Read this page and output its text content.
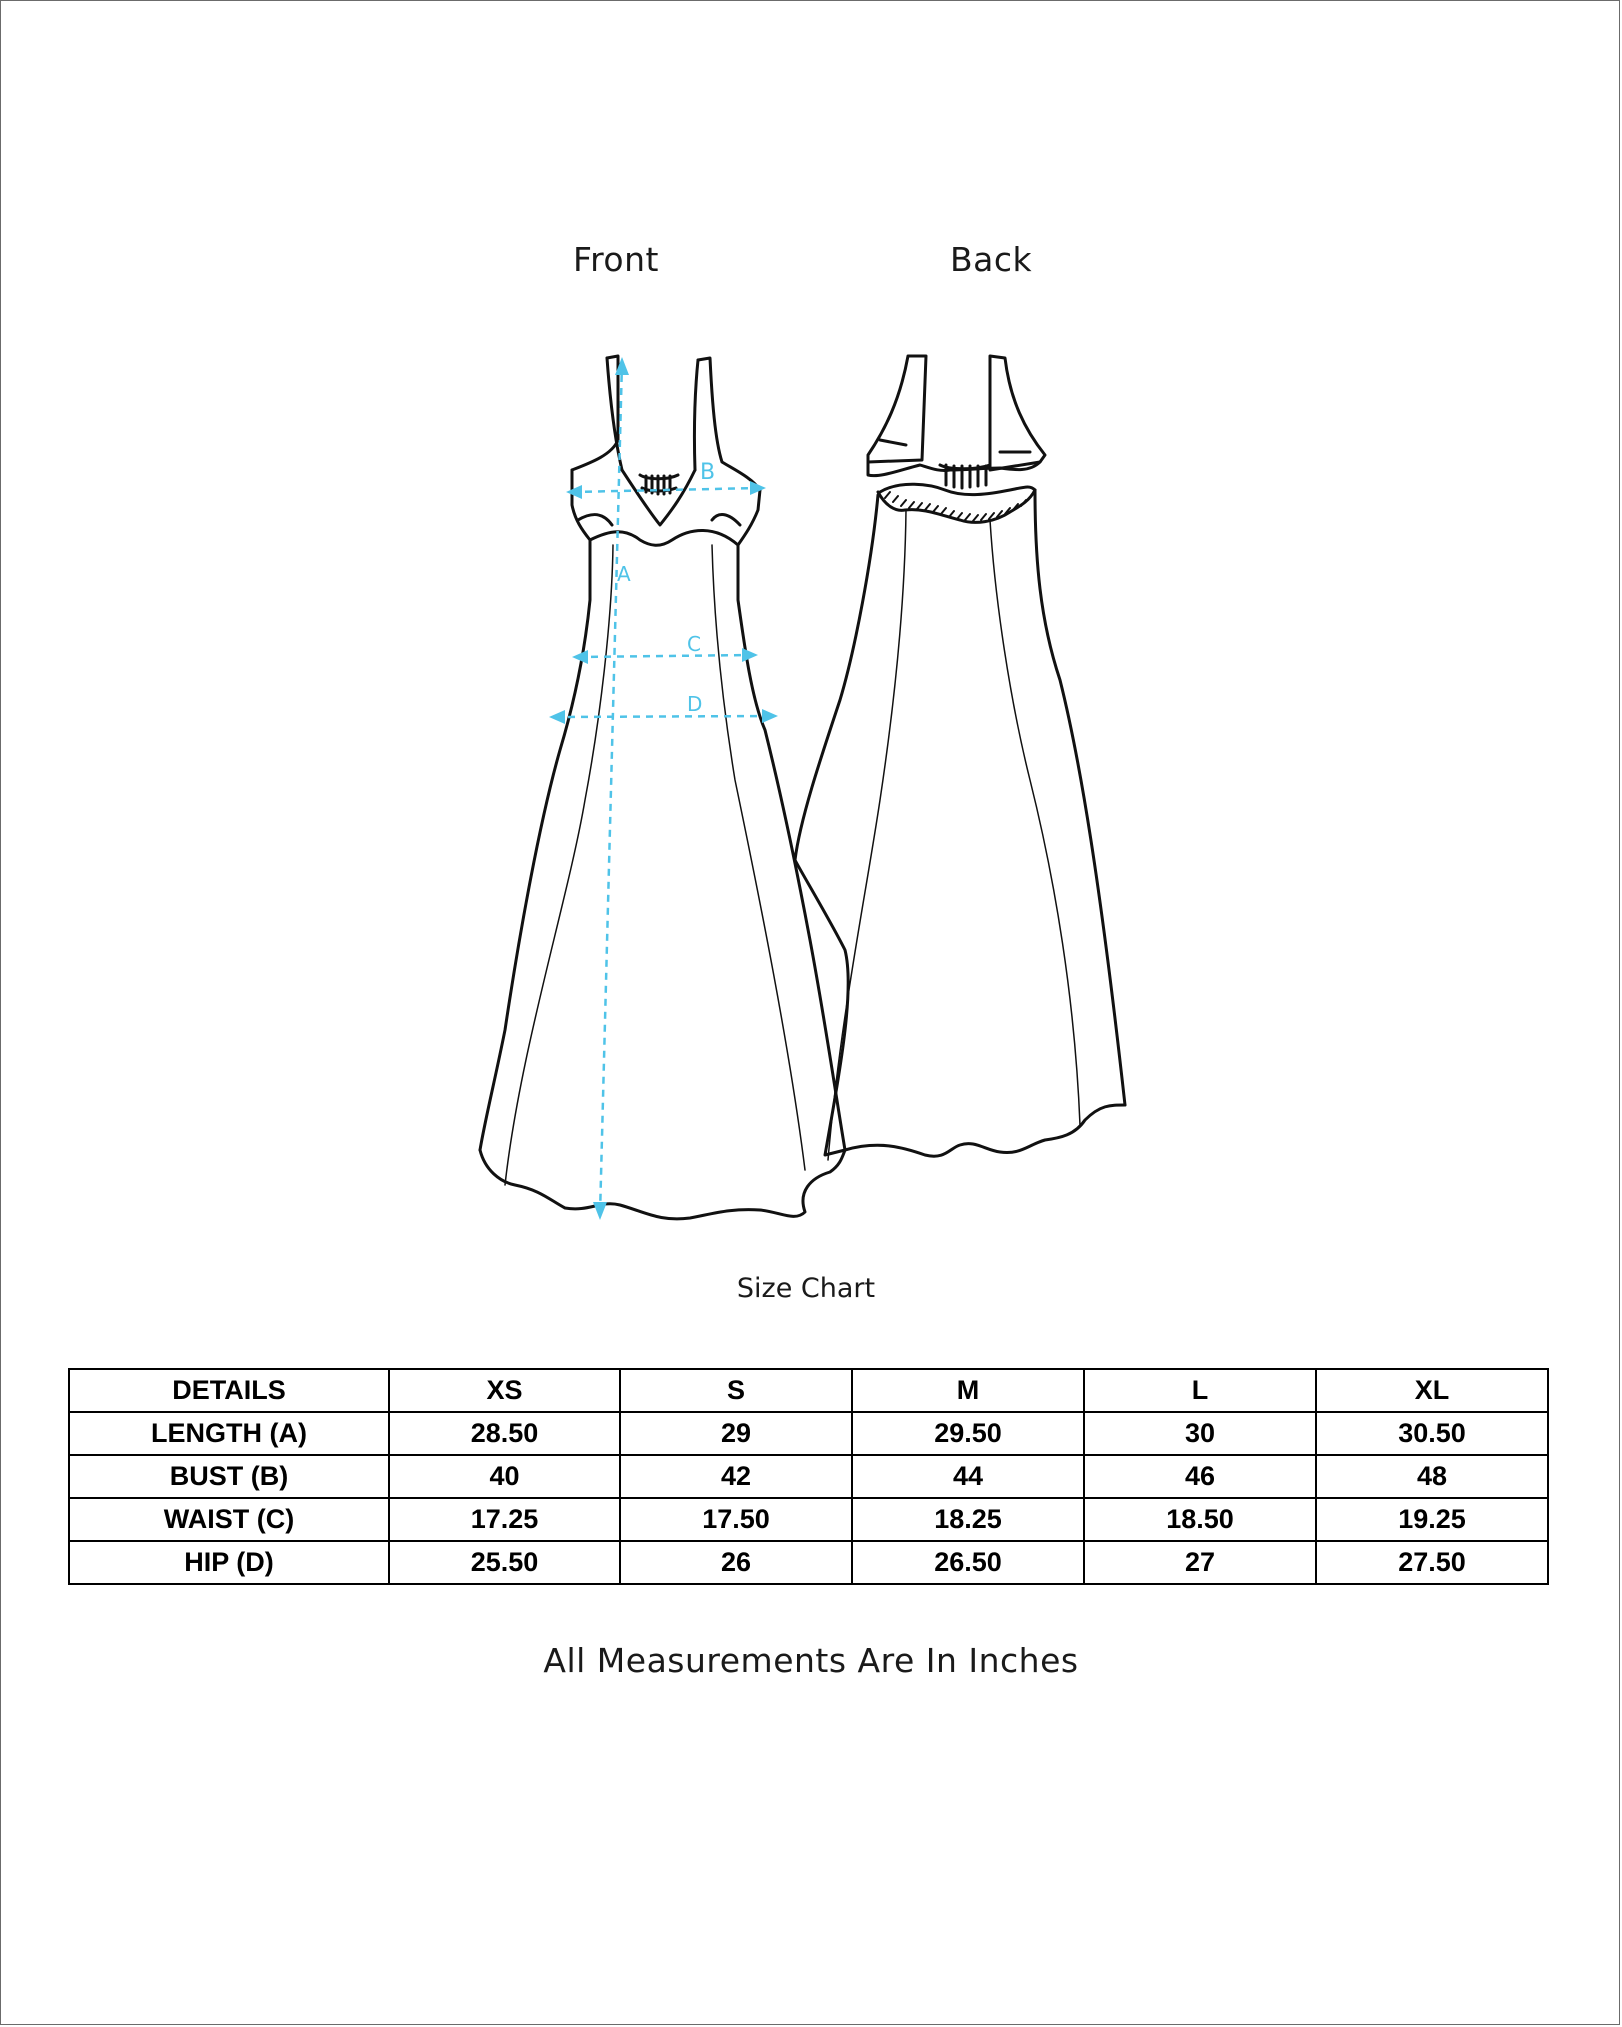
Front	Back
B
A
C
D
Size Chart
DETAILS	XS	S	M	L	XL
LENGTH (A)	28.50	29	29.50	30	30.50
BUST (B)	40	42	44	46	48
WAIST (C)	17.25	17.50	18.25	18.50	19.25
HIP (D)	25.50	26	26.50	27	27.50
All Measurements Are In Inches
